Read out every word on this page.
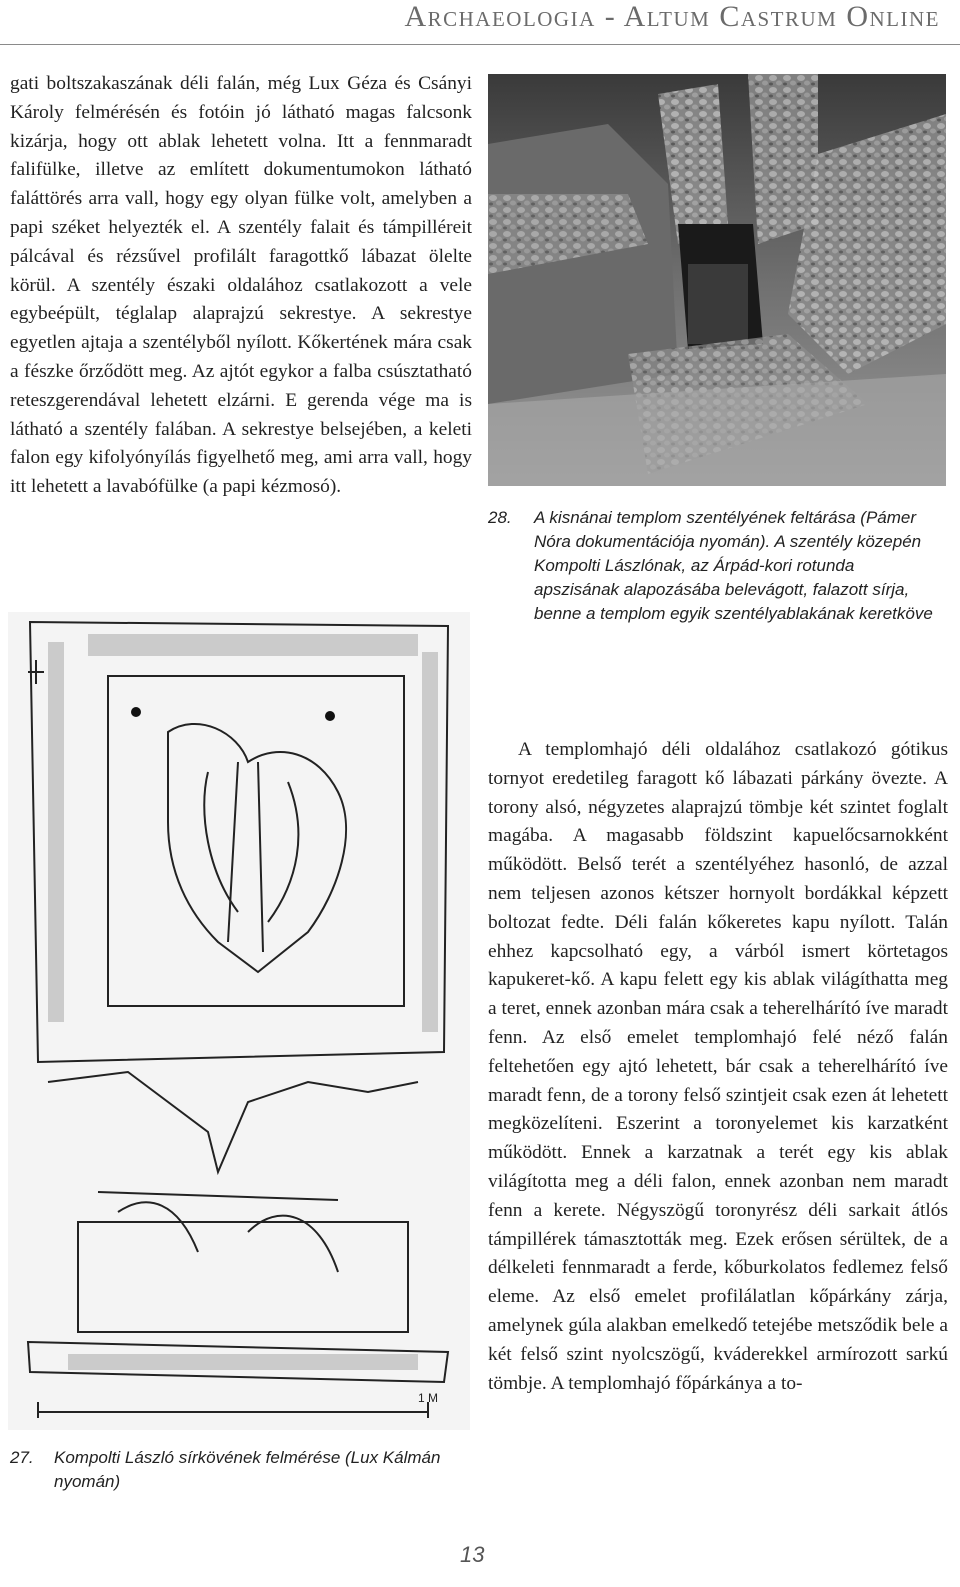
Archaeologia - Altum Castrum Online

gati boltszakaszának déli falán, még Lux Géza és Csányi Károly felmérésén és fotóin jó látható magas falcsonk kizárja, hogy ott ablak lehetett volna. Itt a fennmaradt falifülke, illetve az említett dokumentumokon látható faláttörés arra vall, hogy egy olyan fülke volt, amelyben a papi széket helyezték el. A szentély falait és támpilléreit pálcával és rézsűvel profilált faragottkő lábazat ölelte körül. A szentély északi oldalához csatlakozott a vele egybeépült, téglalap alaprajzú sekrestye. A sekrestye egyetlen ajtaja a szentélyből nyílott. Kőkertének mára csak a fészke őrződött meg. Az ajtót egykor a falba csúsztatható reteszgerendával lehetett elzárni. E gerenda vége ma is látható a szentély falában. A sekrestye belsejében, a keleti falon egy kifolyónyílás figyelhető meg, ami arra vall, hogy itt lehetett a lavabófülke (a papi kézmosó).

28. A kisnánai templom szentélyének feltárása (Pámer Nóra dokumentációja nyomán). A szentély közepén Kompolti Lászlónak, az Árpád-kori rotunda apszisának alapozásába belevágott, falazott sírja, benne a templom egyik szentélyablakának keretköve
1 M
27. Kompolti László sírkövének felmérése (Lux Kálmán nyomán)

A templomhajó déli oldalához csatlakozó gótikus tornyot eredetileg faragott kő lábazati párkány övezte. A torony alsó, négyzetes alaprajzú tömbje két szintet foglalt magába. A magasabb földszint kapuelőcsarnokként működött. Belső terét a szentélyéhez hasonló, de azzal nem teljesen azonos kétszer hornyolt bordákkal képzett boltozat fedte. Déli falán kőkeretes kapu nyílott. Talán ehhez kapcsolható egy, a várból ismert körtetagos kapukeret-kő. A kapu felett egy kis ablak világíthatta meg a teret, ennek azonban mára csak a teherelhárító íve maradt fenn. Az első emelet templomhajó felé néző falán feltehetően egy ajtó lehetett, bár csak a teherelhárító íve maradt fenn, de a torony felső szintjeit csak ezen át lehetett megközelíteni. Eszerint a toronyelemet kis karzatként működött. Ennek a karzatnak a terét egy kis ablak világította meg a déli falon, ennek azonban nem maradt fenn a kerete. Négyszögű toronyrész déli sarkait átlós támpillérek támasztották meg. Ezek erősen sérültek, de a délkeleti fennmaradt a ferde, kőburkolatos fedlemez felső eleme. Az első emelet profilálatlan kőpárkány zárja, amelynek gúla alakban emelkedő tetejébe metsződik bele a két felső szint nyolcszögű, kváderekkel armírozott sarkú tömbje. A templomhajó főpárkánya a to-

13
